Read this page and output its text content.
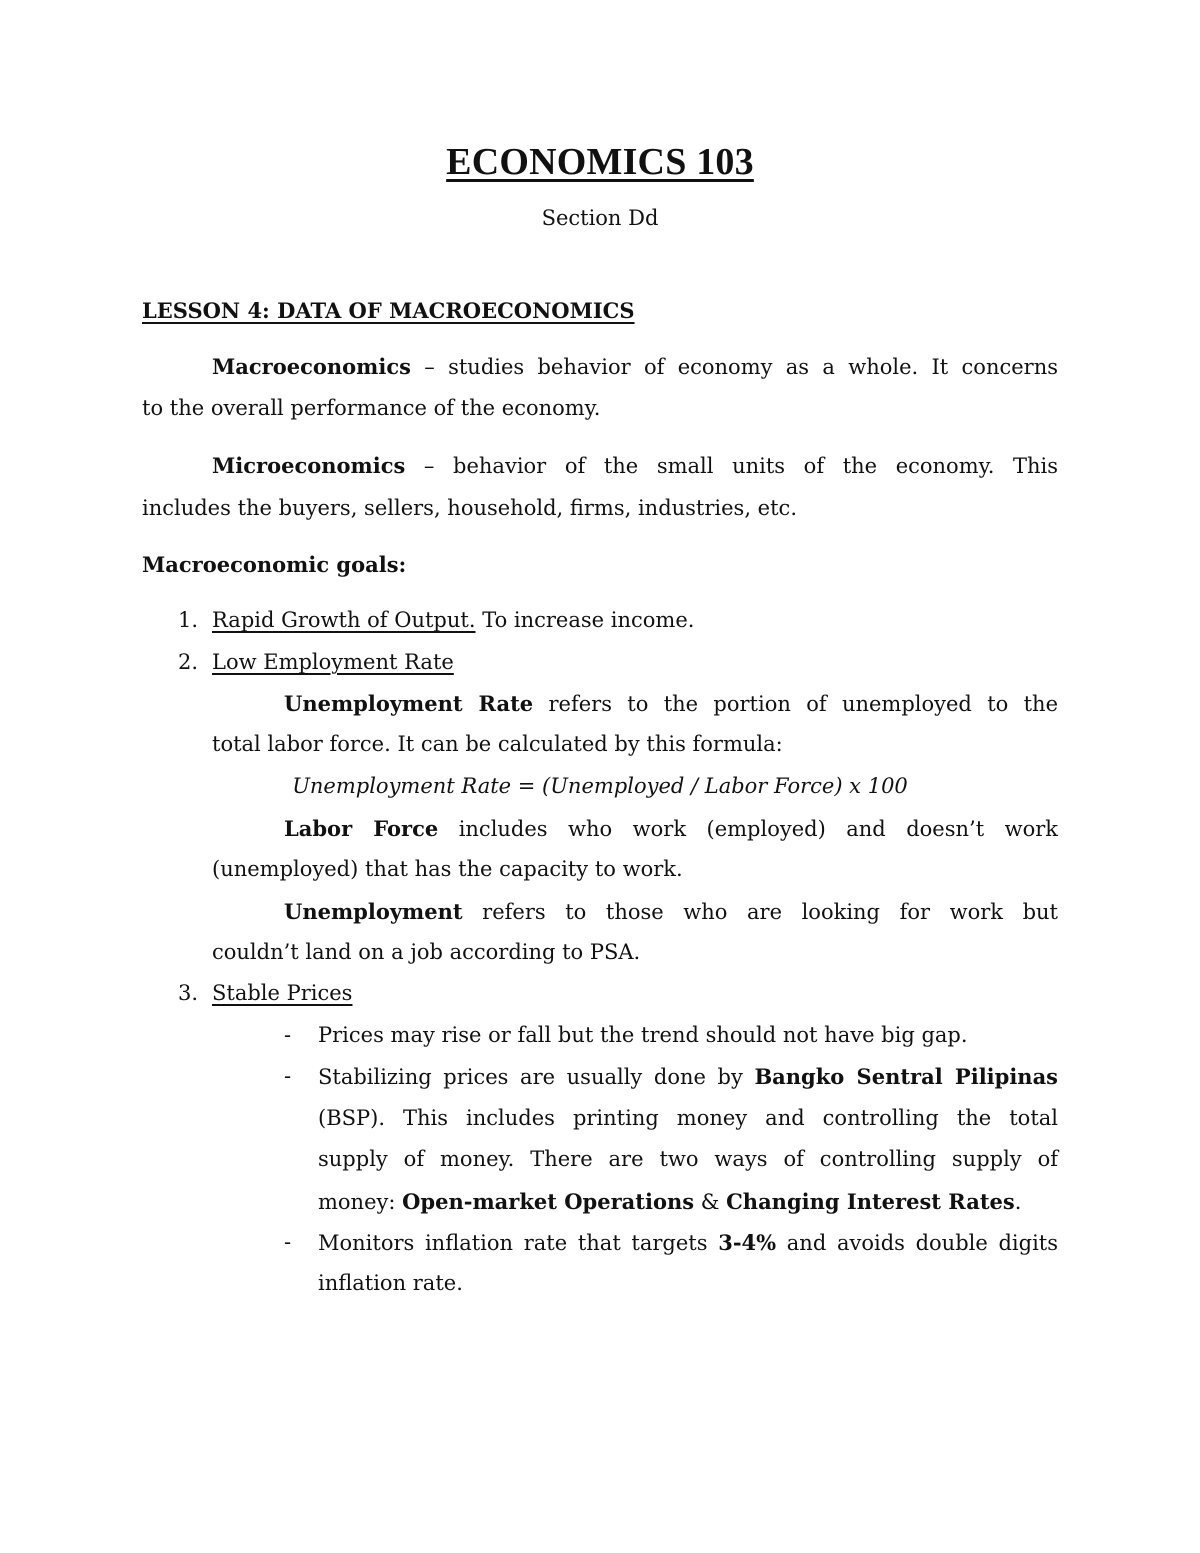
ECONOMICS 103
Section Dd
LESSON 4: DATA OF MACROECONOMICS
Macroeconomics – studies behavior of economy as a whole. It concerns
to the overall performance of the economy.
Microeconomics – behavior of the small units of the economy. This
includes the buyers, sellers, household, firms, industries, etc.
Macroeconomic goals:
1. Rapid Growth of Output. To increase income.
2. Low Employment Rate
Unemployment Rate refers to the portion of unemployed to the
total labor force. It can be calculated by this formula:
Unemployment Rate = (Unemployed / Labor Force) x 100
Labor Force includes who work (employed) and doesn’t work
(unemployed) that has the capacity to work.
Unemployment refers to those who are looking for work but
couldn’t land on a job according to PSA.
3. Stable Prices
- Prices may rise or fall but the trend should not have big gap.
- Stabilizing prices are usually done by Bangko Sentral Pilipinas
(BSP). This includes printing money and controlling the total
supply of money. There are two ways of controlling supply of
money: Open-market Operations & Changing Interest Rates.
- Monitors inflation rate that targets 3-4% and avoids double digits
inflation rate.
